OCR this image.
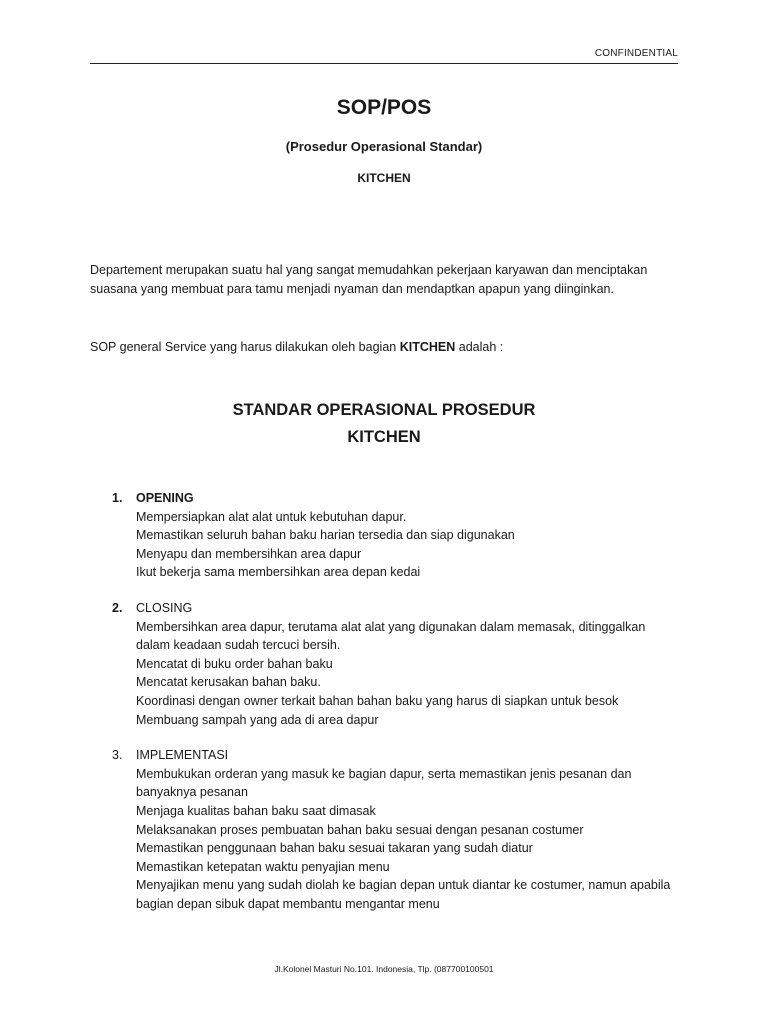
CONFINDENTIAL
SOP/POS
(Prosedur Operasional Standar)
KITCHEN
Departement merupakan suatu hal yang sangat memudahkan pekerjaan karyawan dan menciptakan
suasana yang membuat para tamu menjadi nyaman dan mendaptkan apapun yang diinginkan.
SOP general Service yang harus dilakukan oleh bagian KITCHEN adalah :
STANDAR OPERASIONAL PROSEDUR
KITCHEN
1.	OPENING
Mempersiapkan alat alat untuk kebutuhan dapur.
Memastikan seluruh bahan baku harian tersedia dan siap digunakan
Menyapu dan membersihkan area dapur
Ikut bekerja sama membersihkan area depan kedai
2.	CLOSING
Membersihkan area dapur, terutama alat alat yang digunakan dalam memasak, ditinggalkan
dalam keadaan sudah tercuci bersih.
Mencatat di buku order bahan baku
Mencatat kerusakan bahan baku.
Koordinasi dengan owner terkait bahan bahan baku yang harus di siapkan untuk besok
Membuang sampah yang ada di area dapur
3.	IMPLEMENTASI
Membukukan orderan yang masuk ke bagian dapur, serta memastikan jenis pesanan dan
banyaknya pesanan
Menjaga kualitas bahan baku saat dimasak
Melaksanakan proses pembuatan bahan baku sesuai dengan pesanan costumer
Memastikan penggunaan bahan baku sesuai takaran yang sudah diatur
Memastikan ketepatan waktu penyajian menu
Menyajikan menu yang sudah diolah ke bagian depan untuk diantar ke costumer, namun apabila
bagian depan sibuk dapat membantu mengantar menu
Jl.Kolonel Masturi No.101. Indonesia, Tlp. (087700100501
